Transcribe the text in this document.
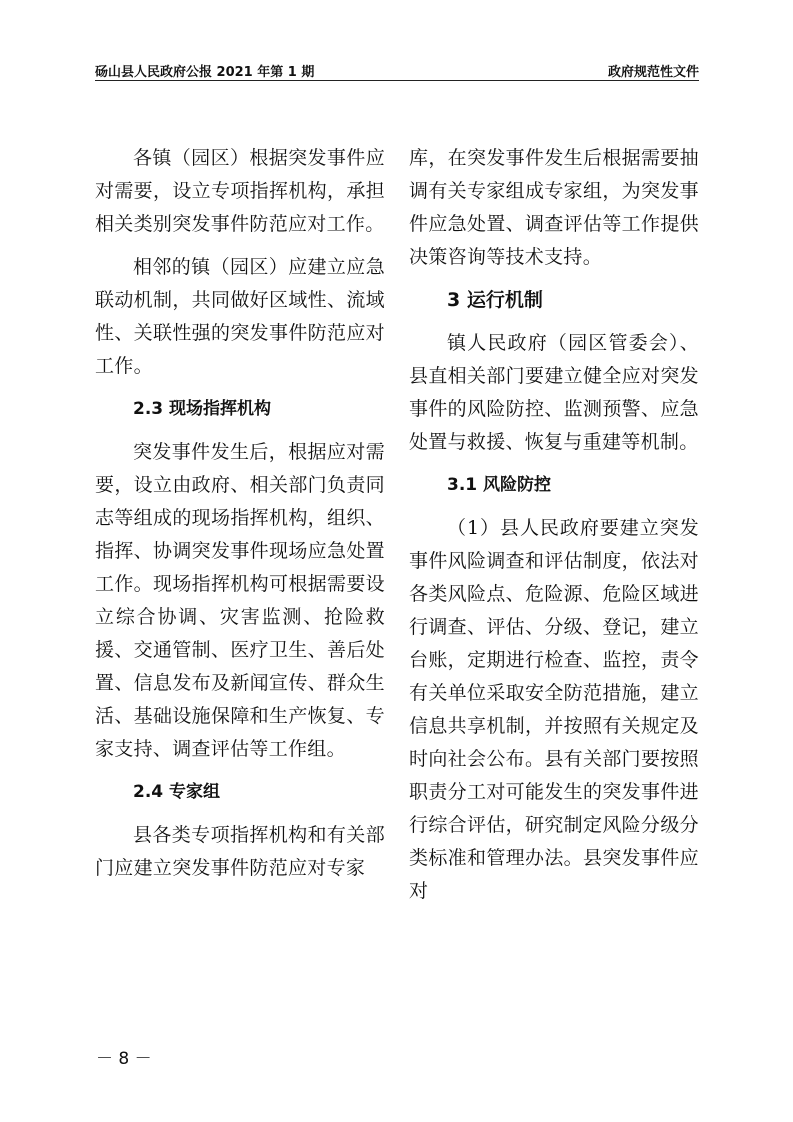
砀山县人民政府公报 2021 年第 1 期	政府规范性文件

各镇（园区）根据突发事件应对需要，设立专项指挥机构，承担相关类别突发事件防范应对工作。

相邻的镇（园区）应建立应急联动机制，共同做好区域性、流域性、关联性强的突发事件防范应对工作。

2.3 现场指挥机构

突发事件发生后，根据应对需要，设立由政府、相关部门负责同志等组成的现场指挥机构，组织、指挥、协调突发事件现场应急处置工作。现场指挥机构可根据需要设立综合协调、灾害监测、抢险救援、交通管制、医疗卫生、善后处置、信息发布及新闻宣传、群众生活、基础设施保障和生产恢复、专家支持、调查评估等工作组。

2.4 专家组

县各类专项指挥机构和有关部门应建立突发事件防范应对专家

库，在突发事件发生后根据需要抽调有关专家组成专家组，为突发事件应急处置、调查评估等工作提供决策咨询等技术支持。

3 运行机制

镇人民政府（园区管委会）、县直相关部门要建立健全应对突发事件的风险防控、监测预警、应急处置与救援、恢复与重建等机制。

3.1 风险防控

（1）县人民政府要建立突发事件风险调查和评估制度，依法对各类风险点、危险源、危险区域进行调查、评估、分级、登记，建立台账，定期进行检查、监控，责令有关单位采取安全防范措施，建立信息共享机制，并按照有关规定及时向社会公布。县有关部门要按照职责分工对可能发生的突发事件进行综合评估，研究制定风险分级分类标准和管理办法。县突发事件应对

－ 8 －
